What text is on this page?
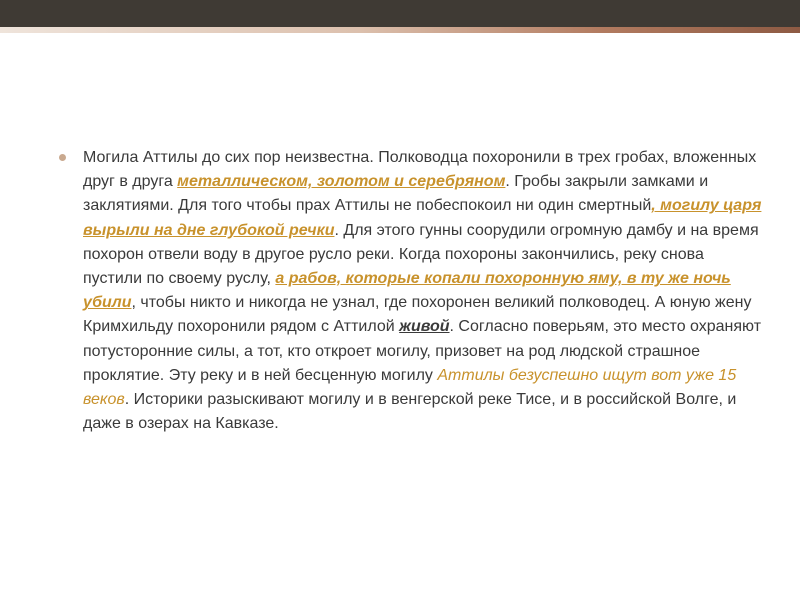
Могила Аттилы до сих пор неизвестна. Полководца похоронили в трех гробах, вложенных друг в друга металлическом, золотом и серебряном. Гробы закрыли замками и заклятиями. Для того чтобы прах Аттилы не побеспокоил ни один смертный, могилу царя вырыли на дне глубокой речки. Для этого гунны соорудили огромную дамбу и на время похорон отвели воду в другое русло реки. Когда похороны закончились, реку снова пустили по своему руслу, а рабов, которые копали похоронную яму, в ту же ночь убили, чтобы никто и никогда не узнал, где похоронен великий полководец. А юную жену Кримхильду похоронили рядом с Аттилой живой. Согласно поверьям, это место охраняют потусторонние силы, а тот, кто откроет могилу, призовет на род людской страшное проклятие. Эту реку и в ней бесценную могилу Аттилы безуспешно ищут вот уже 15 веков. Историки разыскивают могилу и в венгерской реке Тисе, и в российской Волге, и даже в озерах на Кавказе.
